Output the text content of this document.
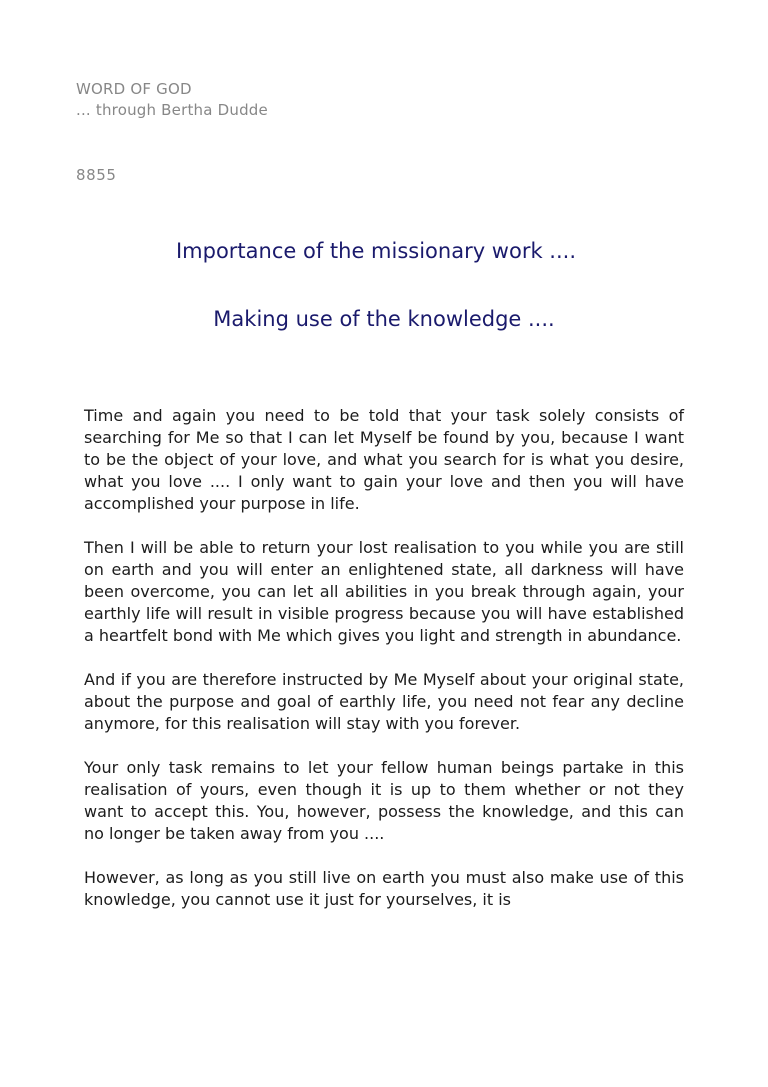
WORD OF GOD
... through Bertha Dudde
8855
Importance of the missionary work ....
Making use of the knowledge ....

Time and again you need to be told that your task solely consists of searching for Me so that I can let Myself be found by you, because I want to be the object of your love, and what you search for is what you desire, what you love .... I only want to gain your love and then you will have accomplished your purpose in life.

Then I will be able to return your lost realisation to you while you are still on earth and you will enter an enlightened state, all darkness will have been overcome, you can let all abilities in you break through again, your earthly life will result in visible progress because you will have established a heartfelt bond with Me which gives you light and strength in abundance.

And if you are therefore instructed by Me Myself about your original state, about the purpose and goal of earthly life, you need not fear any decline anymore, for this realisation will stay with you forever.

Your only task remains to let your fellow human beings partake in this realisation of yours, even though it is up to them whether or not they want to accept this. You, however, possess the knowledge, and this can no longer be taken away from you ....

However, as long as you still live on earth you must also make use of this knowledge, you cannot use it just for yourselves, it is
